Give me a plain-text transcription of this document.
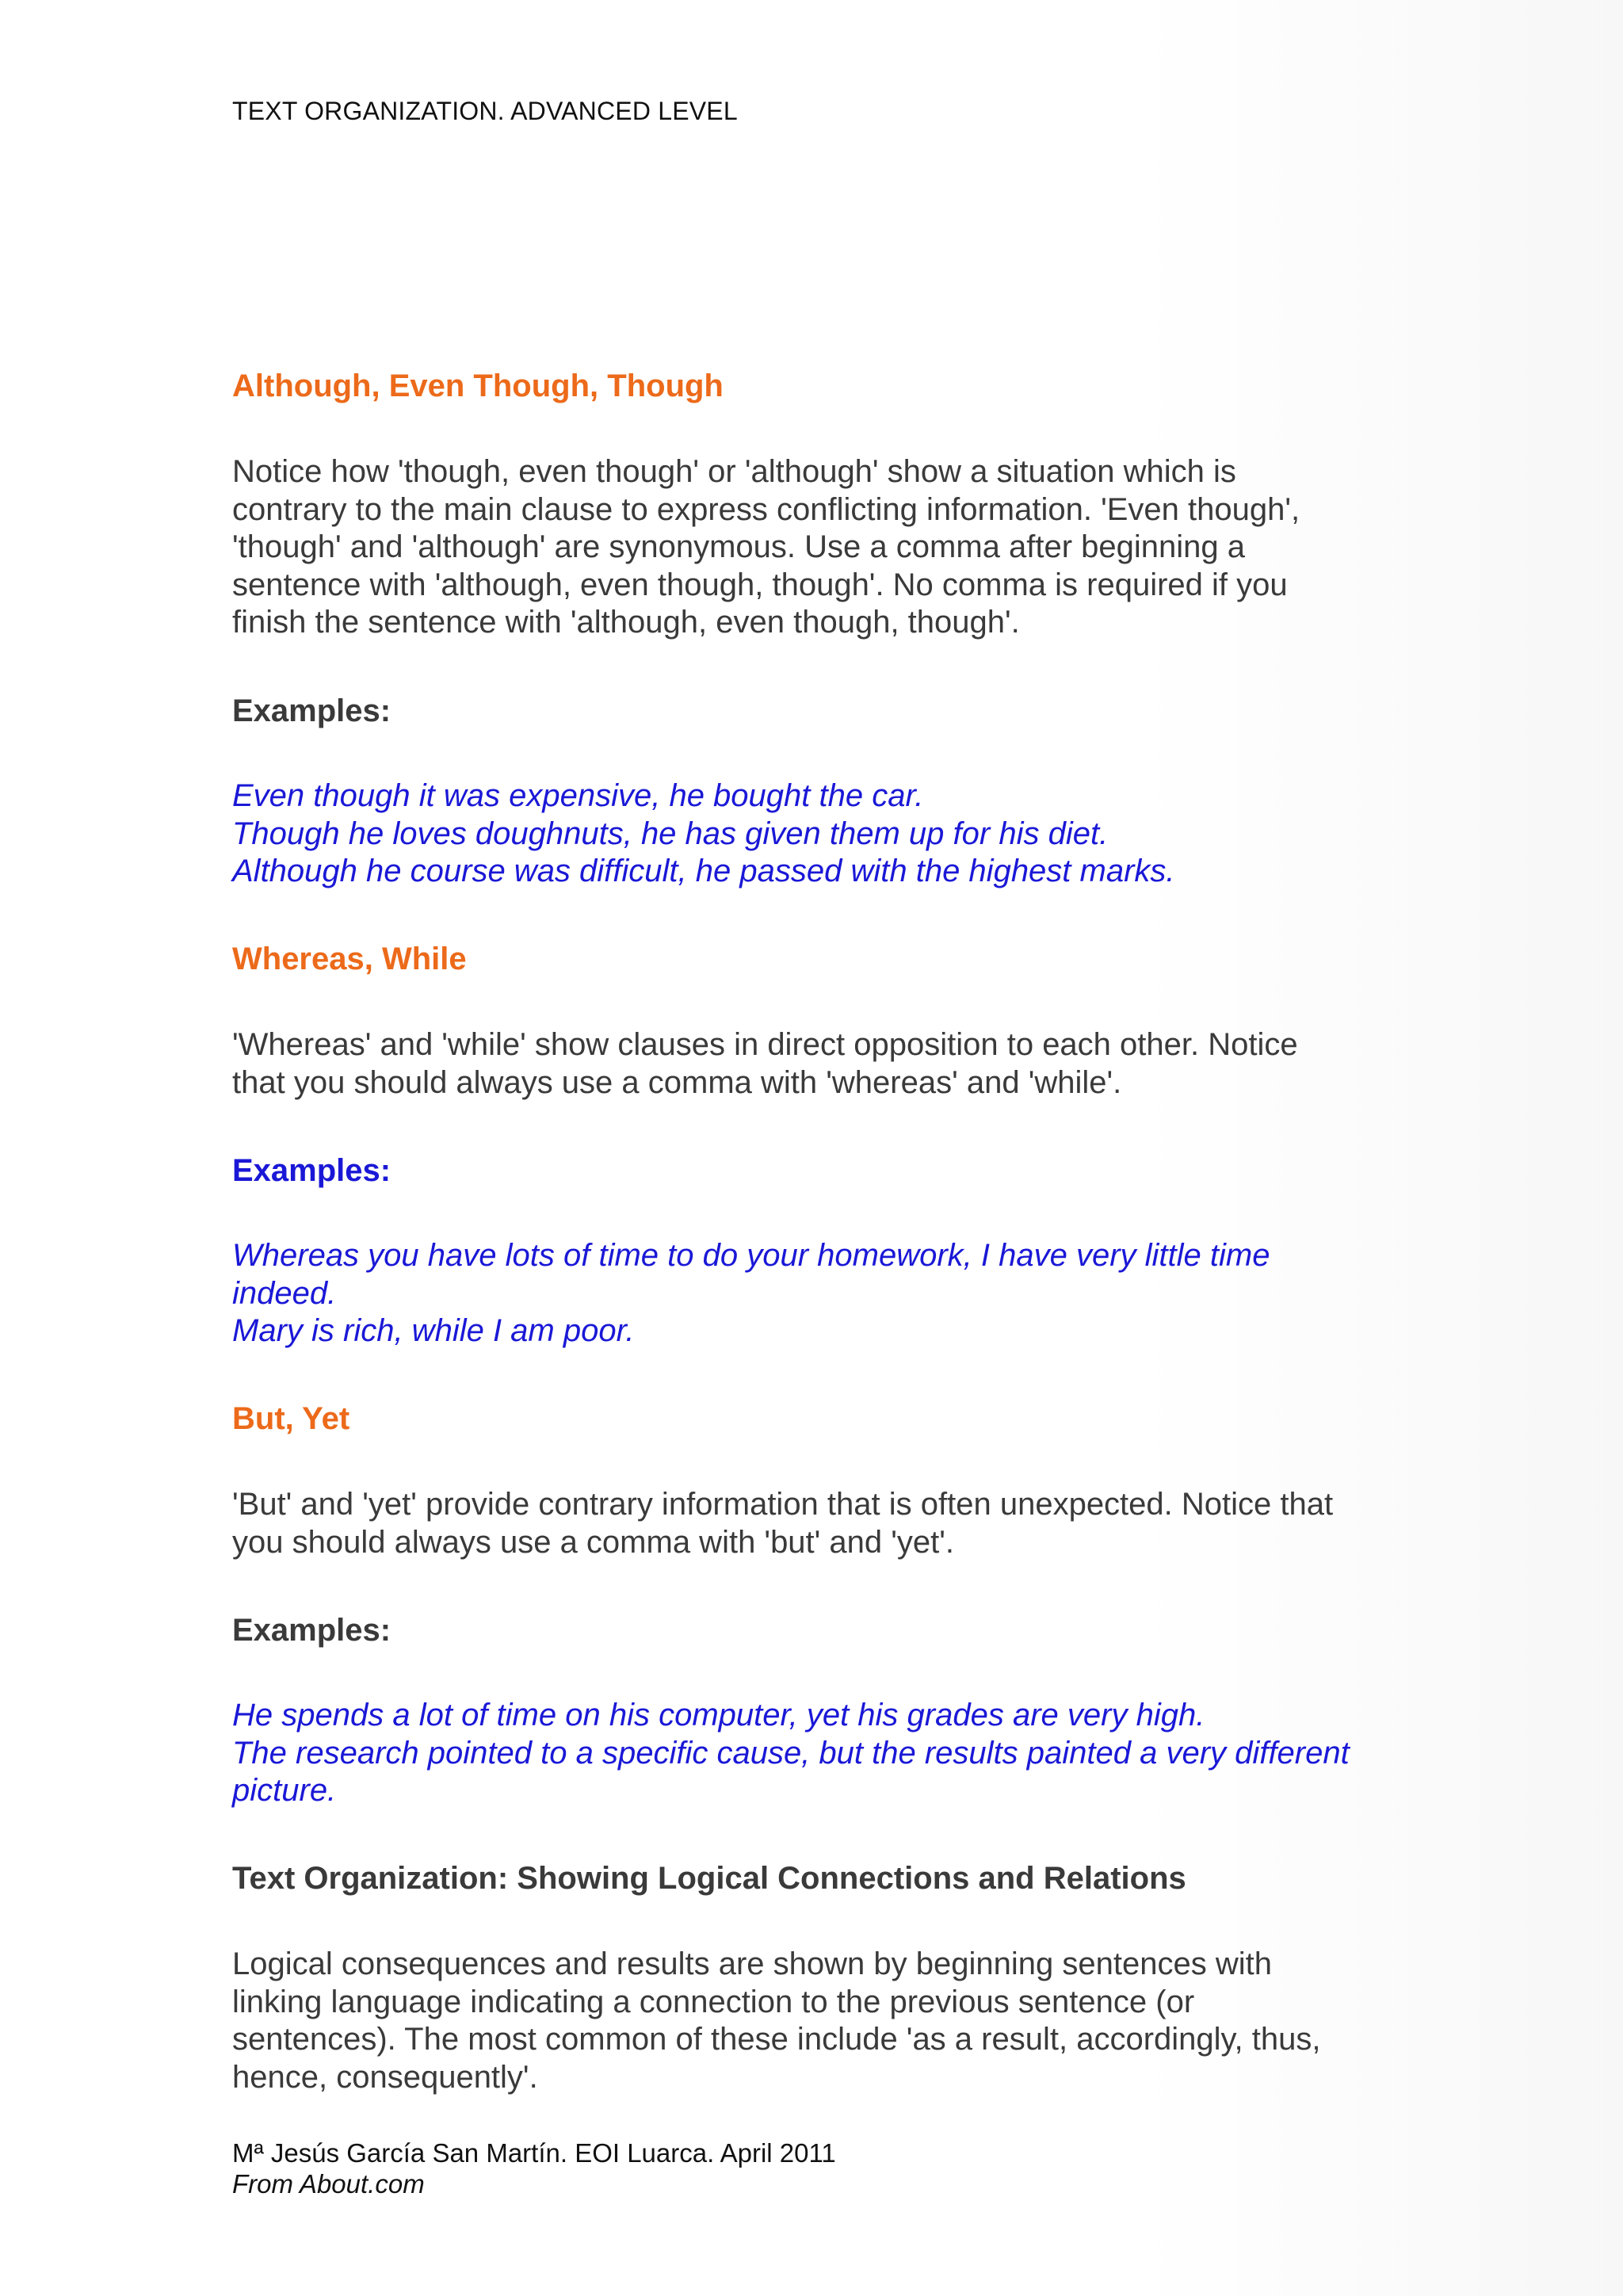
TEXT ORGANIZATION. ADVANCED LEVEL
Although, Even Though, Though
Notice how 'though, even though' or 'although' show a situation which is
contrary to the main clause to express conflicting information. 'Even though',
'though' and 'although' are synonymous. Use a comma after beginning a
sentence with 'although, even though, though'. No comma is required if you
finish the sentence with 'although, even though, though'.
Examples:
Even though it was expensive, he bought the car.
Though he loves doughnuts, he has given them up for his diet.
Although he course was difficult, he passed with the highest marks.
Whereas, While
'Whereas' and 'while' show clauses in direct opposition to each other. Notice
that you should always use a comma with 'whereas' and 'while'.
Examples:
Whereas you have lots of time to do your homework, I have very little time
indeed.
Mary is rich, while I am poor.
But, Yet
'But' and 'yet' provide contrary information that is often unexpected. Notice that
you should always use a comma with 'but' and 'yet'.
Examples:
He spends a lot of time on his computer, yet his grades are very high.
The research pointed to a specific cause, but the results painted a very different
picture.
Text Organization: Showing Logical Connections and Relations
Logical consequences and results are shown by beginning sentences with
linking language indicating a connection to the previous sentence (or
sentences). The most common of these include 'as a result, accordingly, thus,
hence, consequently'.
Mª Jesús García San Martín. EOI Luarca. April 2011
From About.com
